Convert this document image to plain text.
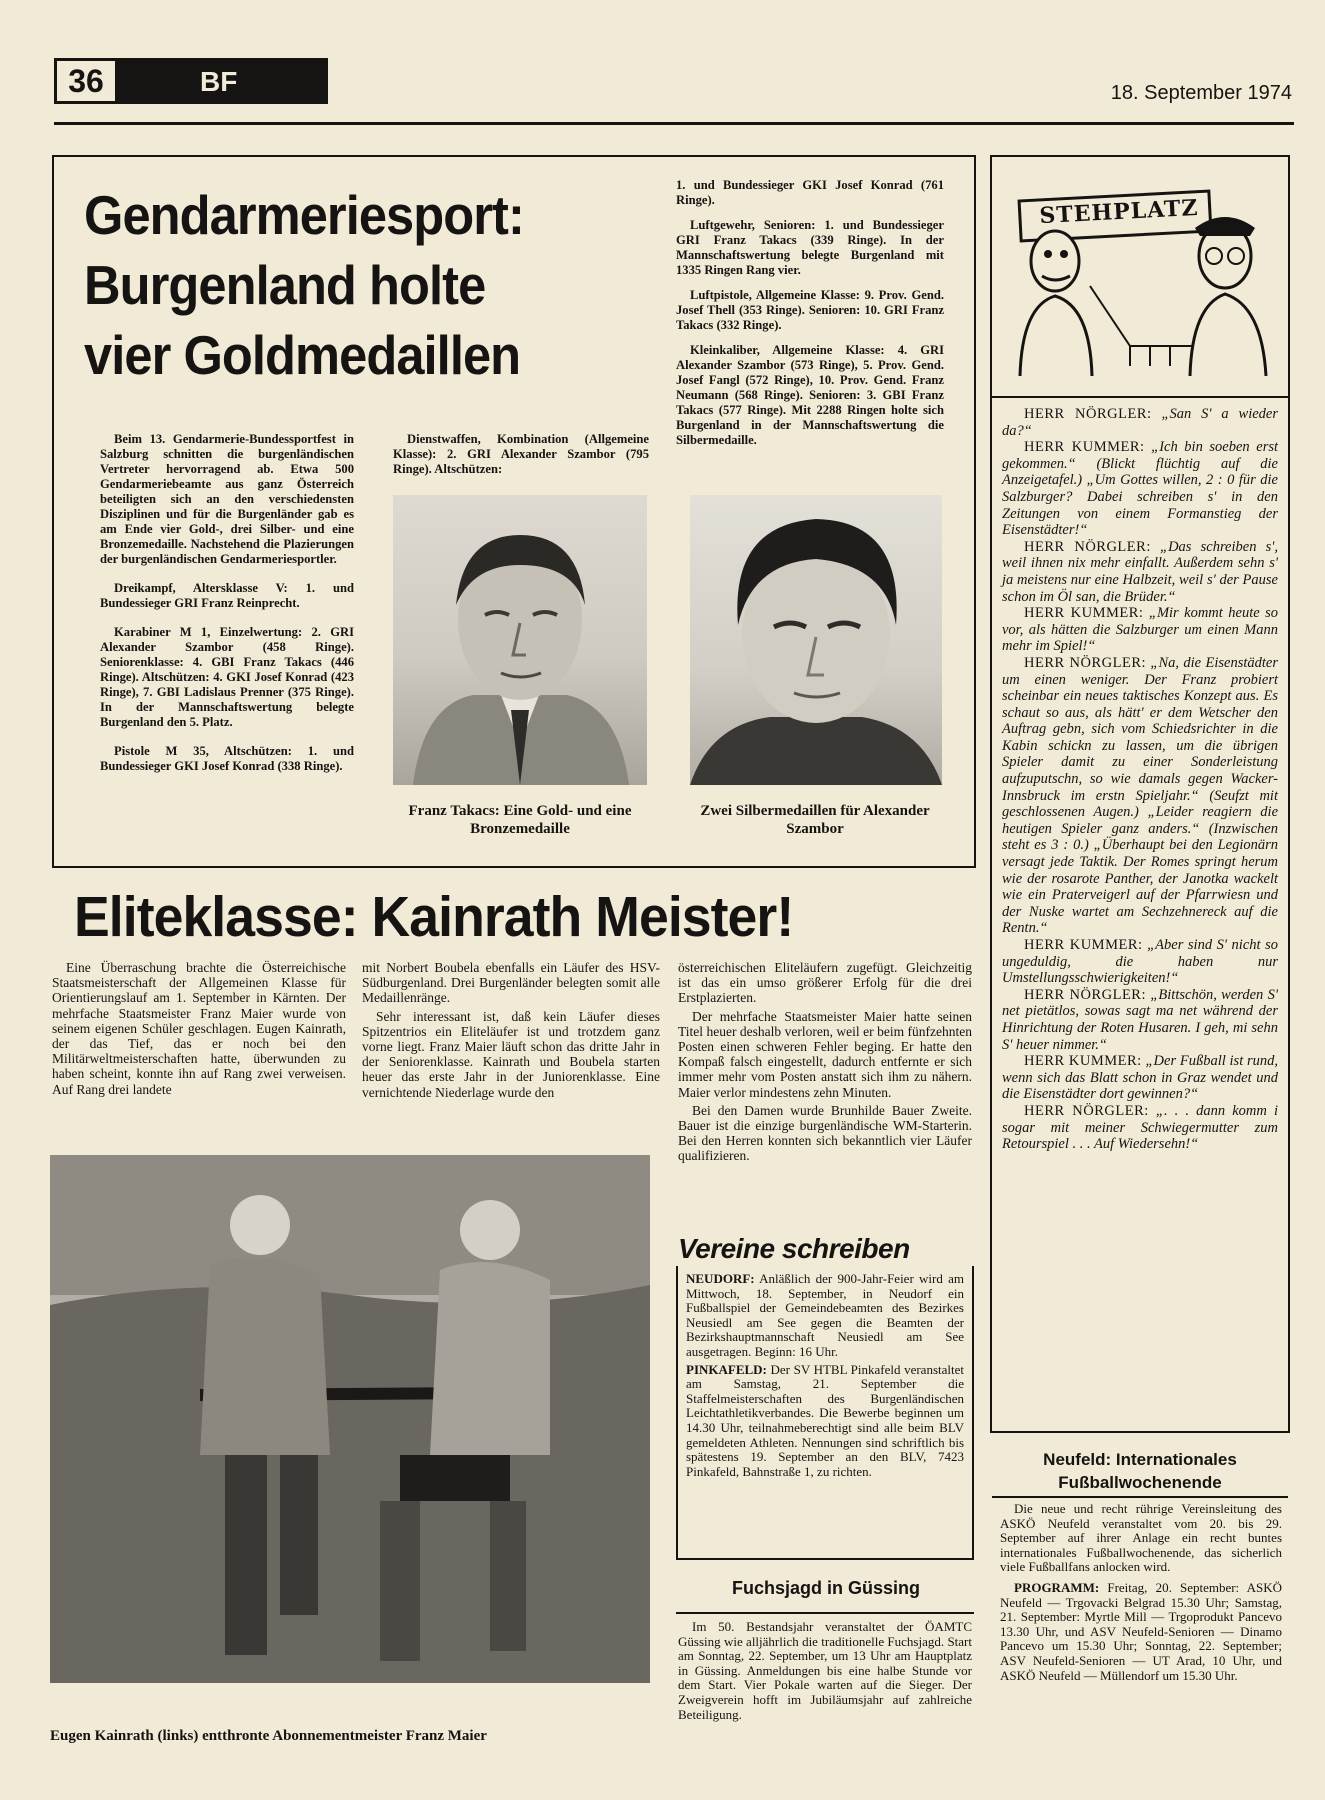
36	BF	18. September 1974
Gendarmeriesport:
Burgenland holte
vier Goldmedaillen

Beim 13. Gendarmerie-Bundessportfest in Salzburg schnitten die burgenländischen Vertreter hervorragend ab. Etwa 500 Gendarmeriebeamte aus ganz Österreich beteiligten sich an den verschiedensten Disziplinen und für die Burgenländer gab es am Ende vier Gold-, drei Silber- und eine Bronzemedaille. Nachstehend die Plazierungen der burgenländischen Gendarmeriesportler.

Dreikampf, Altersklasse V: 1. und Bundessieger GRI Franz Reinprecht.

Karabiner M 1, Einzelwertung: 2. GRI Alexander Szambor (458 Ringe). Seniorenklasse: 4. GBI Franz Takacs (446 Ringe). Altschützen: 4. GKI Josef Konrad (423 Ringe), 7. GBI Ladislaus Prenner (375 Ringe). In der Mannschaftswertung belegte Burgenland den 5. Platz.

Pistole M 35, Altschützen: 1. und Bundessieger GKI Josef Konrad (338 Ringe).

Dienstwaffen, Kombination (Allgemeine Klasse): 2. GRI Alexander Szambor (795 Ringe). Altschützen:

1. und Bundessieger GKI Josef Konrad (761 Ringe).

Luftgewehr, Senioren: 1. und Bundessieger GRI Franz Takacs (339 Ringe). In der Mannschaftswertung belegte Burgenland mit 1335 Ringen Rang vier.

Luftpistole, Allgemeine Klasse: 9. Prov. Gend. Josef Thell (353 Ringe). Senioren: 10. GRI Franz Takacs (332 Ringe).

Kleinkaliber, Allgemeine Klasse: 4. GRI Alexander Szambor (573 Ringe), 5. Prov. Gend. Josef Fangl (572 Ringe), 10. Prov. Gend. Franz Neumann (568 Ringe). Senioren: 3. GBI Franz Takacs (577 Ringe). Mit 2288 Ringen holte sich Burgenland in der Mannschaftswertung die Silbermedaille.

Franz Takacs: Eine Gold- und eine Bronzemedaille
Zwei Silbermedaillen für Alexander Szambor
Eliteklasse: Kainrath Meister!

Eine Überraschung brachte die Österreichische Staatsmeisterschaft der Allgemeinen Klasse für Orientierungslauf am 1. September in Kärnten. Der mehrfache Staatsmeister Franz Maier wurde von seinem eigenen Schüler geschlagen. Eugen Kainrath, der das Tief, das er noch bei den Militärweltmeisterschaften hatte, überwunden zu haben scheint, konnte ihn auf Rang zwei verweisen. Auf Rang drei landete

mit Norbert Boubela ebenfalls ein Läufer des HSV-Südburgenland. Drei Burgenländer belegten somit alle Medaillenränge.

Sehr interessant ist, daß kein Läufer dieses Spitzentrios ein Eliteläufer ist und trotzdem ganz vorne liegt. Franz Maier läuft schon das dritte Jahr in der Seniorenklasse. Kainrath und Boubela starten heuer das erste Jahr in der Juniorenklasse. Eine vernichtende Niederlage wurde den

österreichischen Eliteläufern zugefügt. Gleichzeitig ist das ein umso größerer Erfolg für die drei Erstplazierten.

Der mehrfache Staatsmeister Maier hatte seinen Titel heuer deshalb verloren, weil er beim fünfzehnten Posten einen schweren Fehler beging. Er hatte den Kompaß falsch eingestellt, dadurch entfernte er sich immer mehr vom Posten anstatt sich ihm zu nähern. Maier verlor mindestens zehn Minuten.

Bei den Damen wurde Brunhilde Bauer Zweite. Bauer ist die einzige burgenländische WM-Starterin. Bei den Herren konnten sich bekanntlich vier Läufer qualifizieren.

Eugen Kainrath (links) entthronte Abonnementmeister Franz Maier
Vereine schreiben

NEUDORF: Anläßlich der 900-Jahr-Feier wird am Mittwoch, 18. September, in Neudorf ein Fußballspiel der Gemeindebeamten des Bezirkes Neusiedl am See gegen die Beamten der Bezirkshauptmannschaft Neusiedl am See ausgetragen. Beginn: 16 Uhr.

PINKAFELD: Der SV HTBL Pinkafeld veranstaltet am Samstag, 21. September die Staffelmeisterschaften des Burgenländischen Leichtathletikverbandes. Die Bewerbe beginnen um 14.30 Uhr, teilnahmeberechtigt sind alle beim BLV gemeldeten Athleten. Nennungen sind schriftlich bis spätestens 19. September an den BLV, 7423 Pinkafeld, Bahnstraße 1, zu richten.

Fuchsjagd in Güssing
Im 50. Bestandsjahr veranstaltet der ÖAMTC Güssing wie alljährlich die traditionelle Fuchsjagd. Start am Sonntag, 22. September, um 13 Uhr am Hauptplatz in Güssing. Anmeldungen bis eine halbe Stunde vor dem Start. Vier Pokale warten auf die Sieger. Der Zweigverein hofft im Jubiläumsjahr auf zahlreiche Beteiligung.
STEHPLATZ

HERR NÖRGLER: „San S' a wieder da?“

HERR KUMMER: „Ich bin soeben erst gekommen.“ (Blickt flüchtig auf die Anzeigetafel.) „Um Gottes willen, 2 : 0 für die Salzburger? Dabei schreiben s' in den Zeitungen von einem Formanstieg der Eisenstädter!“

HERR NÖRGLER: „Das schreiben s', weil ihnen nix mehr einfallt. Außerdem sehn s' ja meistens nur eine Halbzeit, weil s' der Pause schon im Öl san, die Brüder.“

HERR KUMMER: „Mir kommt heute so vor, als hätten die Salzburger um einen Mann mehr im Spiel!“

HERR NÖRGLER: „Na, die Eisenstädter um einen weniger. Der Franz probiert scheinbar ein neues taktisches Konzept aus. Es schaut so aus, als hätt' er dem Wetscher den Auftrag gebn, sich vom Schiedsrichter in die Kabin schickn zu lassen, um die übrigen Spieler damit zu einer Sonderleistung aufzuputschn, so wie damals gegen Wacker-Innsbruck im erstn Spieljahr.“ (Seufzt mit geschlossenen Augen.) „Leider reagiern die heutigen Spieler ganz anders.“ (Inzwischen steht es 3 : 0.) „Überhaupt bei den Legionärn versagt jede Taktik. Der Romes springt herum wie der rosarote Panther, der Janotka wackelt wie ein Praterveigerl auf der Pfarrwiesn und der Nuske wartet am Sechzehnereck auf die Rentn.“

HERR KUMMER: „Aber sind S' nicht so ungeduldig, die haben nur Umstellungsschwierigkeiten!“

HERR NÖRGLER: „Bittschön, werden S' net pietätlos, sowas sagt ma net während der Hinrichtung der Roten Husaren. I geh, mi sehn S' heuer nimmer.“

HERR KUMMER: „Der Fußball ist rund, wenn sich das Blatt schon in Graz wendet und die Eisenstädter dort gewinnen?“

HERR NÖRGLER: „. . . dann komm i sogar mit meiner Schwiegermutter zum Retourspiel . . . Auf Wiedersehn!“

Neufeld: Internationales Fußballwochenende

Die neue und recht rührige Vereinsleitung des ASKÖ Neufeld veranstaltet vom 20. bis 29. September auf ihrer Anlage ein recht buntes internationales Fußballwochenende, das sicherlich viele Fußballfans anlocken wird.

PROGRAMM: Freitag, 20. September: ASKÖ Neufeld — Trgovacki Belgrad 15.30 Uhr; Samstag, 21. September: Myrtle Mill — Trgoprodukt Pancevo 13.30 Uhr, und ASV Neufeld-Senioren — Dinamo Pancevo um 15.30 Uhr; Sonntag, 22. September; ASV Neufeld-Senioren — UT Arad, 10 Uhr, und ASKÖ Neufeld — Müllendorf um 15.30 Uhr.
